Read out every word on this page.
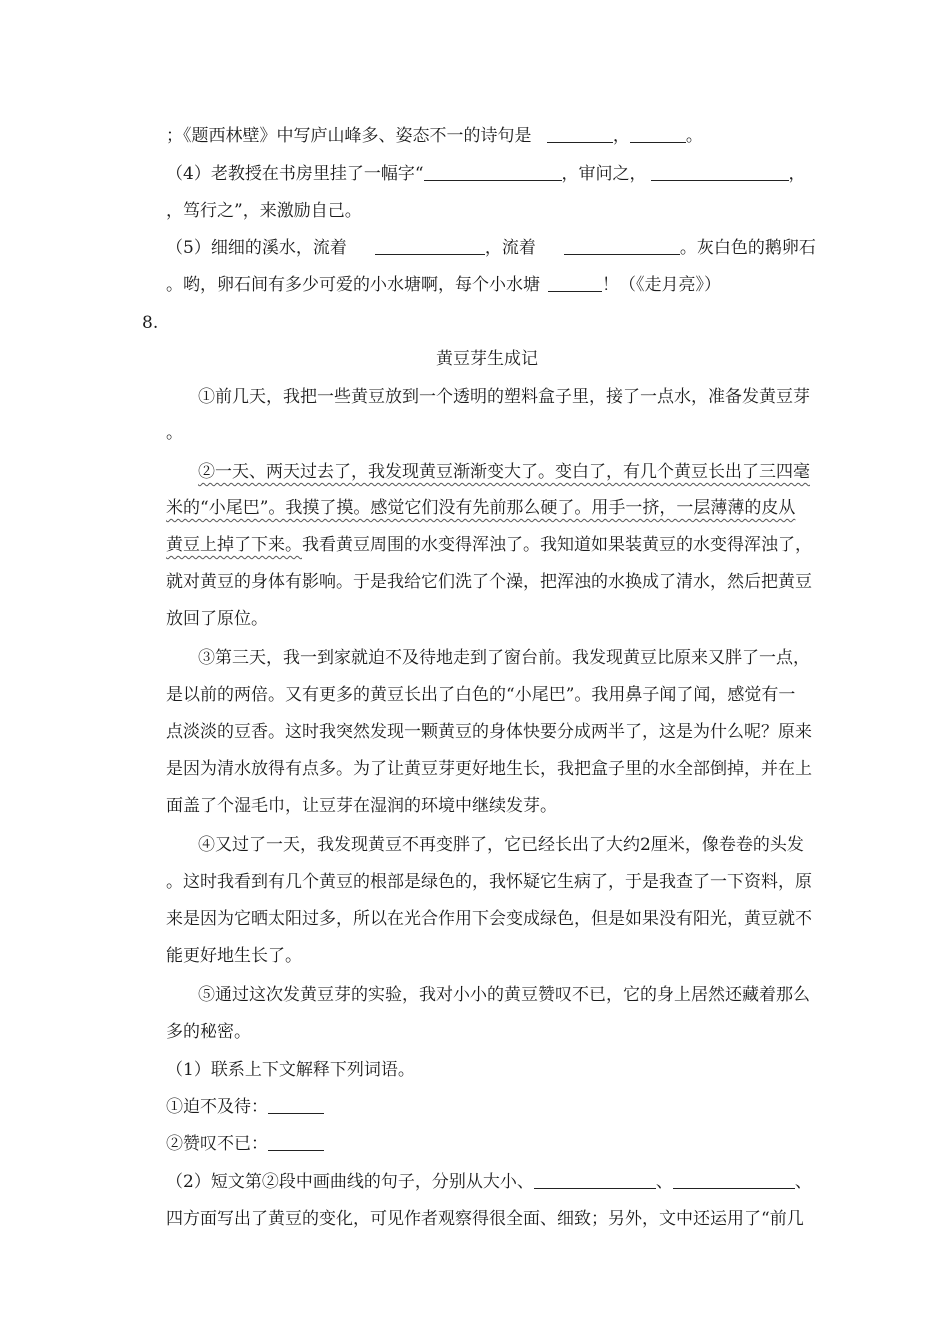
；《题西林壁》中写庐山峰多、姿态不一的诗句是	，	。
（4）老教授在书房里挂了一幅字“	，审问之，	，
，笃行之”，来激励自己。
（5）细细的溪水，流着	，流着	。灰白色的鹅卵石
。哟，卵石间有多少可爱的小水塘啊，每个小水塘	！（《走月亮》）
8.
黄豆芽生成记
①前几天，我把一些黄豆放到一个透明的塑料盒子里，接了一点水，准备发黄豆芽
。
②一天、两天过去了，我发现黄豆渐渐变大了。变白了，有几个黄豆长出了三四毫
米的“小尾巴”。我摸了摸。感觉它们没有先前那么硬了。用手一挤，一层薄薄的皮从
黄豆上掉了下来。我看黄豆周围的水变得浑浊了。我知道如果装黄豆的水变得浑浊了，
就对黄豆的身体有影响。于是我给它们洗了个澡，把浑浊的水换成了清水，然后把黄豆
放回了原位。
③第三天，我一到家就迫不及待地走到了窗台前。我发现黄豆比原来又胖了一点，
是以前的两倍。又有更多的黄豆长出了白色的“小尾巴”。我用鼻子闻了闻，感觉有一
点淡淡的豆香。这时我突然发现一颗黄豆的身体快要分成两半了，这是为什么呢？原来
是因为清水放得有点多。为了让黄豆芽更好地生长，我把盒子里的水全部倒掉，并在上
面盖了个湿毛巾，让豆芽在湿润的环境中继续发芽。
④又过了一天，我发现黄豆不再变胖了，它已经长出了大约2厘米，像卷卷的头发
。这时我看到有几个黄豆的根部是绿色的，我怀疑它生病了，于是我查了一下资料，原
来是因为它晒太阳过多，所以在光合作用下会变成绿色，但是如果没有阳光，黄豆就不
能更好地生长了。
⑤通过这次发黄豆芽的实验，我对小小的黄豆赞叹不已，它的身上居然还藏着那么
多的秘密。
（1）联系上下文解释下列词语。
①迫不及待：
②赞叹不已：
（2）短文第②段中画曲线的句子，分别从大小、	、	、
四方面写出了黄豆的变化，可见作者观察得很全面、细致；另外，文中还运用了“前几
